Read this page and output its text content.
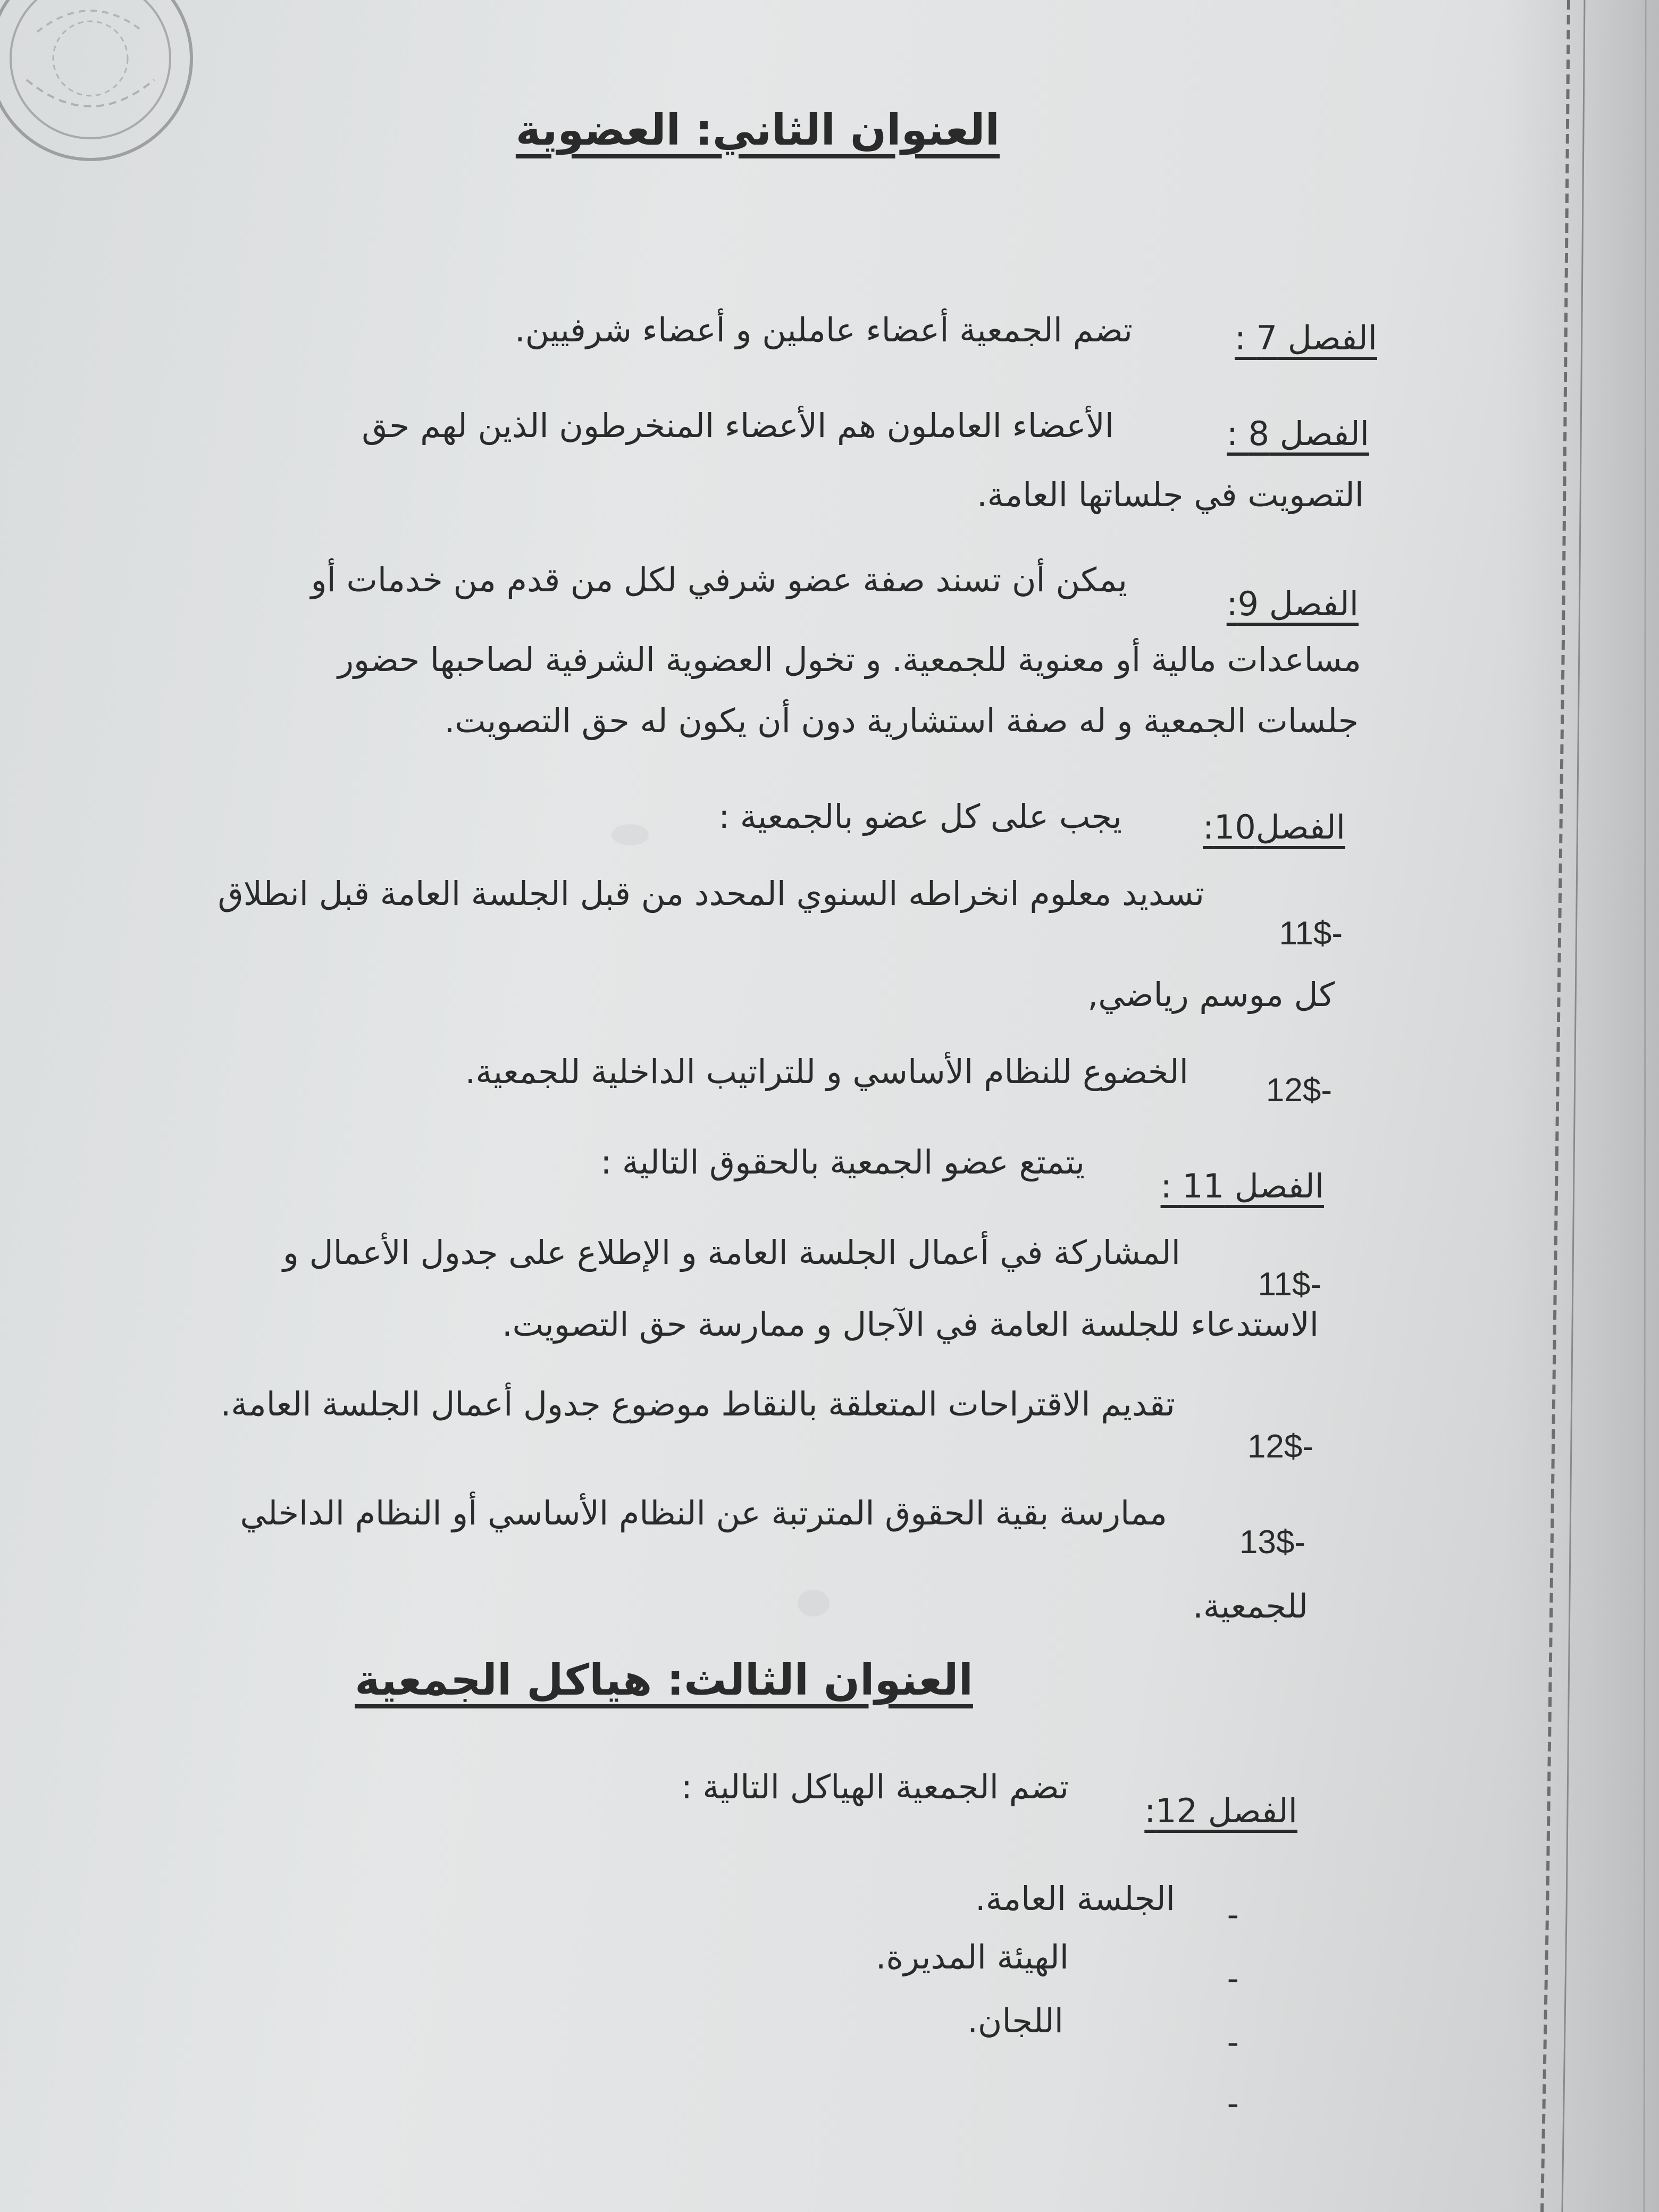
العنوان الثاني: العضوية
الفصل 7 :
تضم الجمعية أعضاء عاملين و أعضاء شرفيين.
الفصل 8 :
الأعضاء العاملون هم الأعضاء المنخرطون الذين لهم حق
التصويت في جلساتها العامة.
الفصل 9:
يمكن أن تسند صفة عضو شرفي لكل من قدم من خدمات أو
مساعدات مالية أو معنوية للجمعية. و تخول العضوية الشرفية لصاحبها حضور
جلسات الجمعية و له صفة استشارية دون أن يكون له حق التصويت.
الفصل10:
يجب على كل عضو بالجمعية :
11$-
تسديد معلوم انخراطه السنوي المحدد من قبل الجلسة العامة قبل انطلاق
كل موسم رياضي,
12$-
الخضوع للنظام الأساسي و للتراتيب الداخلية للجمعية.
الفصل 11 :
يتمتع عضو الجمعية بالحقوق التالية :
11$-
المشاركة في أعمال الجلسة العامة و الإطلاع على جدول الأعمال و
الاستدعاء للجلسة العامة في الآجال و ممارسة حق التصويت.
12$-
تقديم الاقتراحات المتعلقة بالنقاط موضوع جدول أعمال الجلسة العامة.
13$-
ممارسة بقية الحقوق المترتبة عن النظام الأساسي أو النظام الداخلي
للجمعية.
العنوان الثالث: هياكل الجمعية
الفصل 12:
تضم الجمعية الهياكل التالية :
-
الجلسة العامة.
-
الهيئة المديرة.
-
اللجان.
-
